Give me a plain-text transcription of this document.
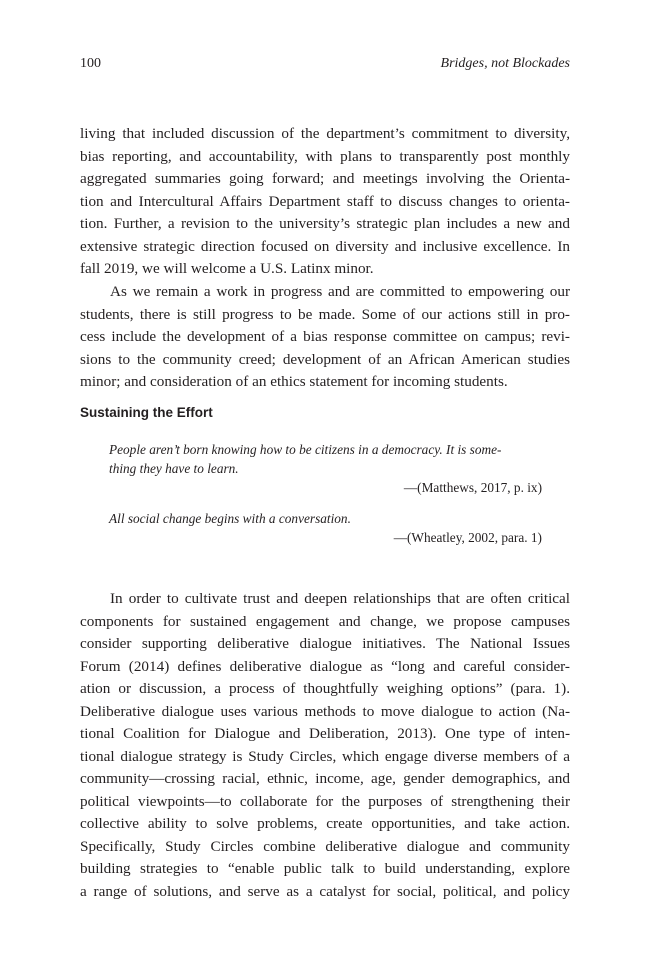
100	Bridges, not Blockades
living that included discussion of the department’s commitment to diversity,
bias reporting, and accountability, with plans to transparently post monthly
aggregated summaries going forward; and meetings involving the Orienta-
tion and Intercultural Affairs Department staff to discuss changes to orienta-
tion. Further, a revision to the university’s strategic plan includes a new and
extensive strategic direction focused on diversity and inclusive excellence. In
fall 2019, we will welcome a U.S. Latinx minor.
As we remain a work in progress and are committed to empowering our
students, there is still progress to be made. Some of our actions still in pro-
cess include the development of a bias response committee on campus; revi-
sions to the community creed; development of an African American studies
minor; and consideration of an ethics statement for incoming students.
Sustaining the Effort
People aren’t born knowing how to be citizens in a democracy. It is some-
thing they have to learn.
—(Matthews, 2017, p. ix)
All social change begins with a conversation.
—(Wheatley, 2002, para. 1)
In order to cultivate trust and deepen relationships that are often critical
components for sustained engagement and change, we propose campuses
consider supporting deliberative dialogue initiatives. The National Issues
Forum (2014) defines deliberative dialogue as “long and careful consider-
ation or discussion, a process of thoughtfully weighing options” (para. 1).
Deliberative dialogue uses various methods to move dialogue to action (Na-
tional Coalition for Dialogue and Deliberation, 2013). One type of inten-
tional dialogue strategy is Study Circles, which engage diverse members of a
community—crossing racial, ethnic, income, age, gender demographics, and
political viewpoints—to collaborate for the purposes of strengthening their
collective ability to solve problems, create opportunities, and take action.
Specifically, Study Circles combine deliberative dialogue and community
building strategies to “enable public talk to build understanding, explore
a range of solutions, and serve as a catalyst for social, political, and policy
